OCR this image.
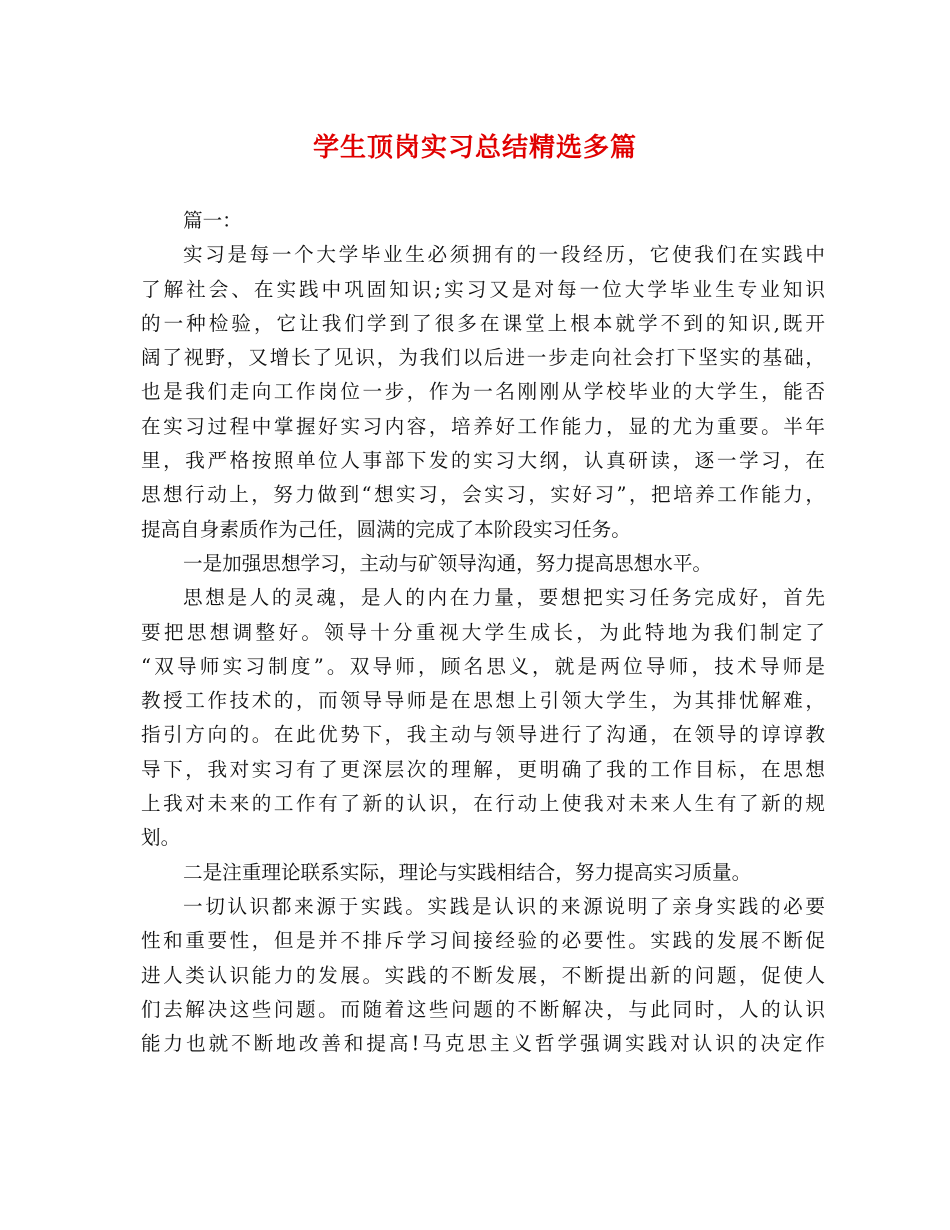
学生顶岗实习总结精选多篇
篇一：
实习是每一个大学毕业生必须拥有的一段经历，它使我们在实践中
了解社会、在实践中巩固知识;实习又是对每一位大学毕业生专业知识
的一种检验，它让我们学到了很多在课堂上根本就学不到的知识,既开
阔了视野，又增长了见识，为我们以后进一步走向社会打下坚实的基础，
也是我们走向工作岗位一步，作为一名刚刚从学校毕业的大学生，能否
在实习过程中掌握好实习内容，培养好工作能力，显的尤为重要。半年
里，我严格按照单位人事部下发的实习大纲，认真研读，逐一学习，在
思想行动上，努力做到“想实习，会实习，实好习”，把培养工作能力，
提高自身素质作为己任，圆满的完成了本阶段实习任务。
一是加强思想学习，主动与矿领导沟通，努力提高思想水平。
思想是人的灵魂，是人的内在力量，要想把实习任务完成好，首先
要把思想调整好。领导十分重视大学生成长，为此特地为我们制定了
“双导师实习制度”。双导师，顾名思义，就是两位导师，技术导师是
教授工作技术的，而领导导师是在思想上引领大学生，为其排忧解难，
指引方向的。在此优势下，我主动与领导进行了沟通，在领导的谆谆教
导下，我对实习有了更深层次的理解，更明确了我的工作目标，在思想
上我对未来的工作有了新的认识，在行动上使我对未来人生有了新的规
划。
二是注重理论联系实际，理论与实践相结合，努力提高实习质量。
一切认识都来源于实践。实践是认识的来源说明了亲身实践的必要
性和重要性，但是并不排斥学习间接经验的必要性。实践的发展不断促
进人类认识能力的发展。实践的不断发展，不断提出新的问题，促使人
们去解决这些问题。而随着这些问题的不断解决，与此同时，人的认识
能力也就不断地改善和提高!马克思主义哲学强调实践对认识的决定作
